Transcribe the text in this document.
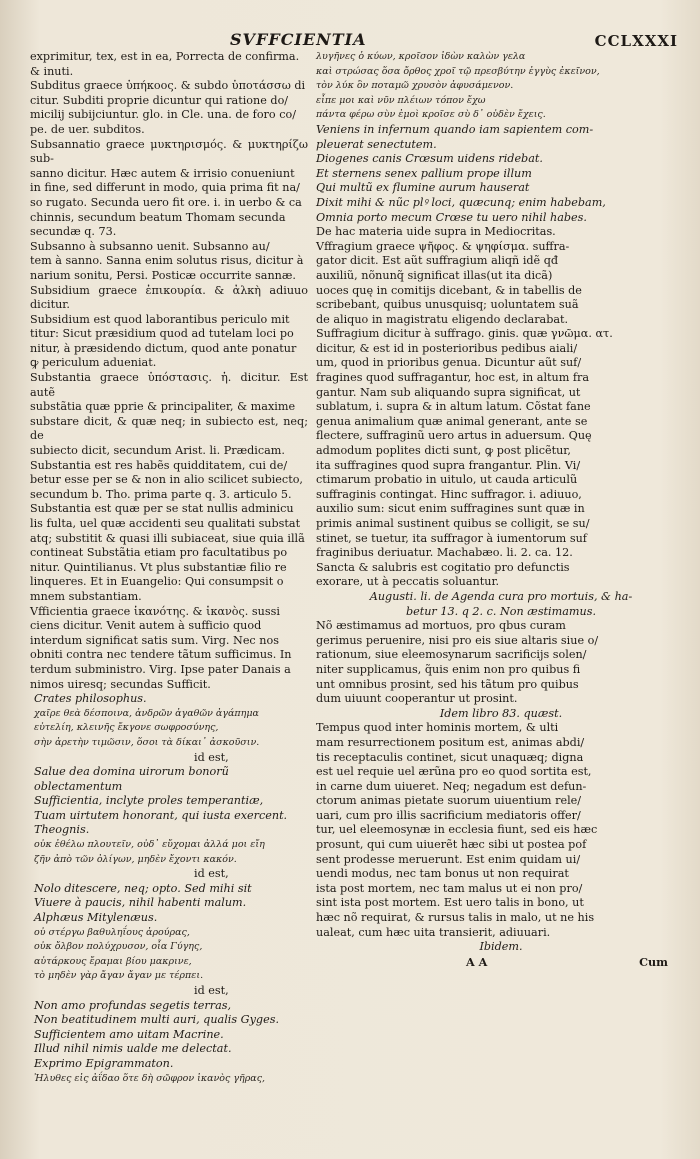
SVFFCIENTIA	CCLXXXI
exprimitur, tex, est in ea, Porrecta de confirma.
& inuti.
Subditus graece ὑπήκοος. & subdo ὑποτάσσω di
citur. Subditi proprie dicuntur qui ratione do/
micilij subijciuntur. glo. in Cle. una. de foro co/
pe. de uer. subditos.
Subsannatio graece μυκτηρισμός. & μυκτηρίζω sub-
sanno dicitur. Hæc autem & irrisio conueniunt
in fine, sed differunt in modo, quia prima fit na/
so rugato. Secunda uero fit ore. i. in uerbo & ca
chinnis, secundum beatum Thomam secunda
secundæ q. 73.
Subsanno à subsanno uenit. Subsanno au/
tem à sanno. Sanna enim solutus risus, dicitur à
narium sonitu, Persi. Posticæ occurrite sannæ.
Subsidium graece ἐπικουρία. & ἀλκὴ adiuuo dicitur.
Subsidium est quod laborantibus periculo mit
titur: Sicut præsidium quod ad tutelam loci po
nitur, à præsidendo dictum, quod ante ponatur
ꝙ periculum adueniat.
Substantia graece ὑπόστασις. ἡ. dicitur. Est autẽ
substãtia quæ pprie & principaliter, & maxime
substare dicit, & quæ neq; in subiecto est, neq; de
subiecto dicit, secundum Arist. li. Prædicam.
Substantia est res habẽs quidditatem, cui de/
betur esse per se & non in alio scilicet subiecto,
secundum b. Tho. prima parte q. 3. articulo 5.
Substantia est quæ per se stat nullis adminicu
lis fulta, uel quæ accidenti seu qualitati substat
atq; substitit & quasi illi subiaceat, siue quia illã
contineat Substãtia etiam pro facultatibus po
nitur. Quintilianus. Vt plus substantiæ filio re
linqueres. Et in Euangelio: Qui consumpsit o
mnem substantiam.
Vfficientia graece ἱκανότης. & ἱκανὸς. sussi
ciens dicitur. Venit autem à sufficio quod
interdum significat satis sum. Virg. Nec nos
obniti contra nec tendere tãtum sufficimus. In
terdum subministro. Virg. Ipse pater Danais a
nimos uiresq; secundas Sufficit.
Crates philosophus.
χαῖρε θεὰ δέσποινα, ἀνδρῶν ἀγαθῶν ἀγάπημα
εὐτελίη, κλεινῆς ἔκγονε σωφροσύνης,
σὴν ἀρετὴν τιμῶσιν, ὅσοι τὰ δίκαι᾽ ἀσκοῦσιν.
id est,
Salue dea domina uirorum bonorũ oblectamentum
Sufficientia, inclyte proles temperantiæ,
Tuam uirtutem honorant, qui iusta exercent.
Theognis.
οὐκ ἐθέλω πλουτεῖν, οὐδ᾽ εὔχομαι ἀλλά μοι εἴη
ζῆν ἀπὸ τῶν ὀλίγων, μηδὲν ἔχοντι κακόν.
id est,
Nolo ditescere, neq; opto. Sed mihi sit
Viuere à paucis, nihil habenti malum.
Alphæus Mitylenæus.
οὐ στέργω βαθυληΐους ἀρούρας,
οὐκ ὄλβον πολύχρυσον, οἷα Γύγης,
αὐτάρκους ἔραμαι βίου μακρινε,
τὸ μηδὲν γὰρ ἄγαν ἄγαν με τέρπει.
id est,
Non amo profundas segetis terras,
Non beatitudinem multi auri, qualis Gyges.
Sufficientem amo uitam Macrine.
Illud nihil nimis ualde me delectat.
Exprimo Epigrammaton.
Ἠλυθες εἰς ἀΐδαο ὅτε δὴ σῶφρον ἱκανὸς γῆρας,
λυγῆνες ὁ κύων, κροῖσον ἰδὼν καλὼν γελα
καὶ στρώσας ὅσα ὄρθος χροῖ τῷ πρεσβύτην ἐγγὺς ἐκεῖνον,
τὸν λύκ ὃν ποταμῶ χρυσὸν ἀφυσάμενον.
εἶπε μοι καὶ νῦν πλέιων τόπον ἔχω
πάντα φέρω σὺν ἐμοὶ κροῖσε σὺ δ᾽ οὐδὲν ἔχεις.
Veniens in infernum quando iam sapientem com-
pleuerat senectutem.
Diogenes canis Crœsum uidens ridebat.
Et sternens senex pallium prope illum
Qui multũ ex flumine aurum hauserat
Dixit mihi & nũc plꝰ loci, quæcunq; enim habebam,
Omnia porto mecum Crœse tu uero nihil habes.
De hac materia uide supra in Mediocritas.
Vffragium graece ψῆφος. & ψηφίσμα. suffra-
gator dicit. Est aũt suffragium aliqñ idẽ qđ
auxiliũ, nõnunq̃ significat illas(ut ita dicã)
uoces quę in comitijs dicebant, & in tabellis de
scribebant, quibus unusquisq; uoluntatem suã
de aliquo in magistratu eligendo declarabat.
Suffragium dicitur à suffrago. ginis. quæ γνῶμα. ατ.
dicitur, & est id in posterioribus pedibus aiali/
um, quod in prioribus genua. Dicuntur aũt suf/
fragines quod suffragantur, hoc est, in altum fra
gantur. Nam sub aliquando supra significat, ut
sublatum, i. supra & in altum latum. Cõstat fane
genua animalium quæ animal generant, ante se
flectere, suffraginũ uero artus in aduersum. Quę
admodum poplites dicti sunt, ꝙ post plicẽtur,
ita suffragines quod supra frangantur. Plin. Vi/
ctimarum probatio in uitulo, ut cauda articulũ
suffraginis contingat. Hinc suffragor. i. adiuuo,
auxilio sum: sicut enim suffragines sunt quæ in
primis animal sustinent quibus se colligit, se su/
stinet, se tuetur, ita suffragor à iumentorum suf
fraginibus deriuatur. Machabæo. li. 2. ca. 12.
Sancta & salubris est cogitatio pro defunctis
exorare, ut à peccatis soluantur.
Augusti. li. de Agenda cura pro mortuis, & ha-
betur 13. q 2. c. Non æstimamus.
Nõ æstimamus ad mortuos, pro qbus curam
gerimus peruenire, nisi pro eis siue altaris siue o/
rationum, siue eleemosynarum sacrificijs solen/
niter supplicamus, q̃uis enim non pro quibus fi
unt omnibus prosint, sed his tãtum pro quibus
dum uiuunt cooperantur ut prosint.
Idem libro 83. quæst.
Tempus quod inter hominis mortem, & ulti
mam resurrectionem positum est, animas abdi/
tis receptaculis continet, sicut unaquæq; digna
est uel requie uel ærũna pro eo quod sortita est,
in carne dum uiueret. Neq; negadum est defun-
ctorum animas pietate suorum uiuentium rele/
uari, cum pro illis sacrificium mediatoris offer/
tur, uel eleemosynæ in ecclesia fiunt, sed eis hæc
prosunt, qui cum uiuerẽt hæc sibi ut postea pof
sent prodesse meruerunt. Est enim quidam ui/
uendi modus, nec tam bonus ut non requirat
ista post mortem, nec tam malus ut ei non pro/
sint ista post mortem. Est uero talis in bono, ut
hæc nõ requirat, & rursus talis in malo, ut ne his
ualeat, cum hæc uita transierit, adiuuari.
Ibidem.
A A	Cum
